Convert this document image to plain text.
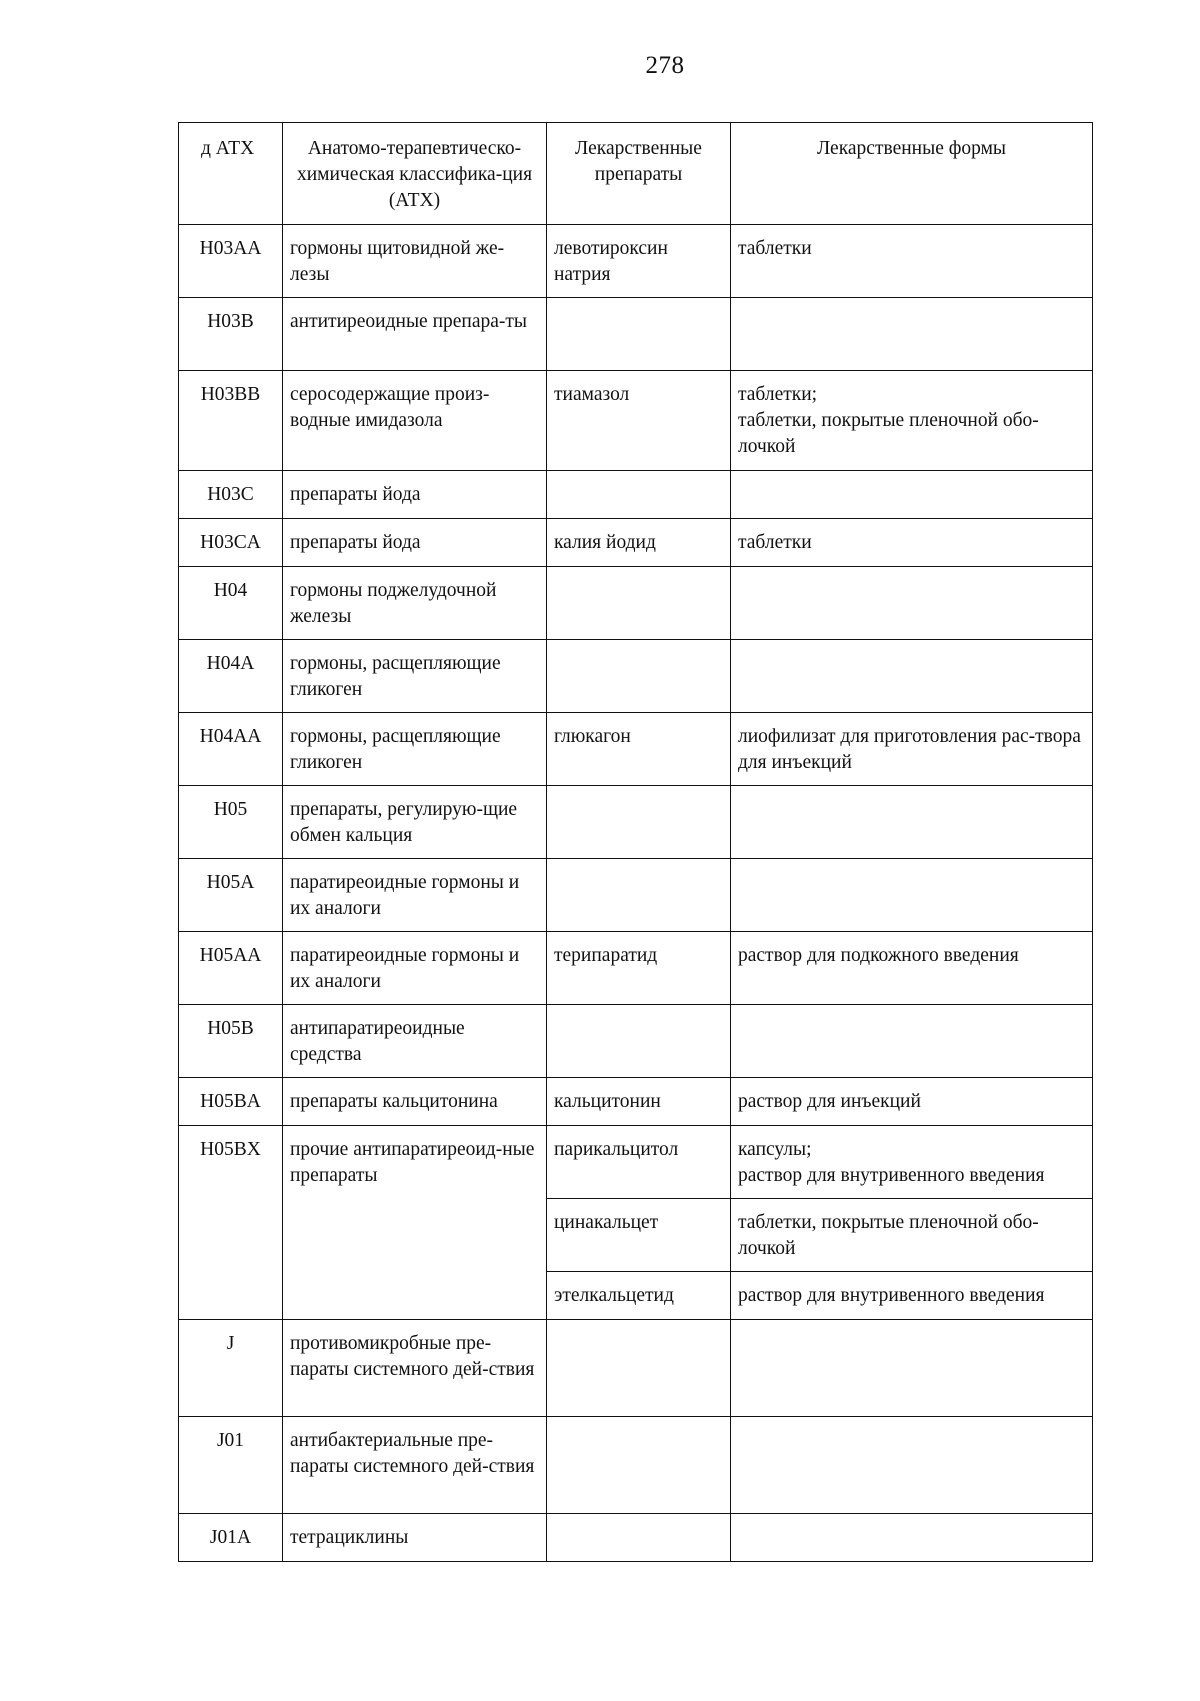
278
д АТХ	Анатомо-терапевтическо-химическая классифика-ция (АТХ)	Лекарственные препараты	Лекарственные формы
H03AA	гормоны щитовидной же-лезы	левотироксин натрия	таблетки

H03B	антитиреоидные препара-ты		
H03BB	серосодержащие произ-водные имидазола	тиамазол	таблетки;
таблетки, покрытые пленочной обо-лочкой

H03C	препараты йода		
H03CA	препараты йода	калия йодид	таблетки

H04	гормоны поджелудочной железы		
H04A	гормоны, расщепляющие гликоген		
H04AA	гормоны, расщепляющие гликоген	глюкагон	лиофилизат для приготовления рас-твора для инъекций

H05	препараты, регулирую-щие обмен кальция		
H05A	паратиреоидные гормоны и их аналоги		
H05AA	паратиреоидные гормоны и их аналоги	терипаратид	раствор для подкожного введения

H05B	антипаратиреоидные средства		
H05BA	препараты кальцитонина	кальцитонин	раствор для инъекций

H05BX	прочие антипаратиреоид-ные препараты	парикальцитол	капсулы;
раствор для внутривенного введения

		цинакальцет	таблетки, покрытые пленочной обо-лочкой

		этелкальцетид	раствор для внутривенного введения

J	противомикробные пре-параты системного дей-ствия		
J01	антибактериальные пре-параты системного дей-ствия		
J01A	тетрациклины		
